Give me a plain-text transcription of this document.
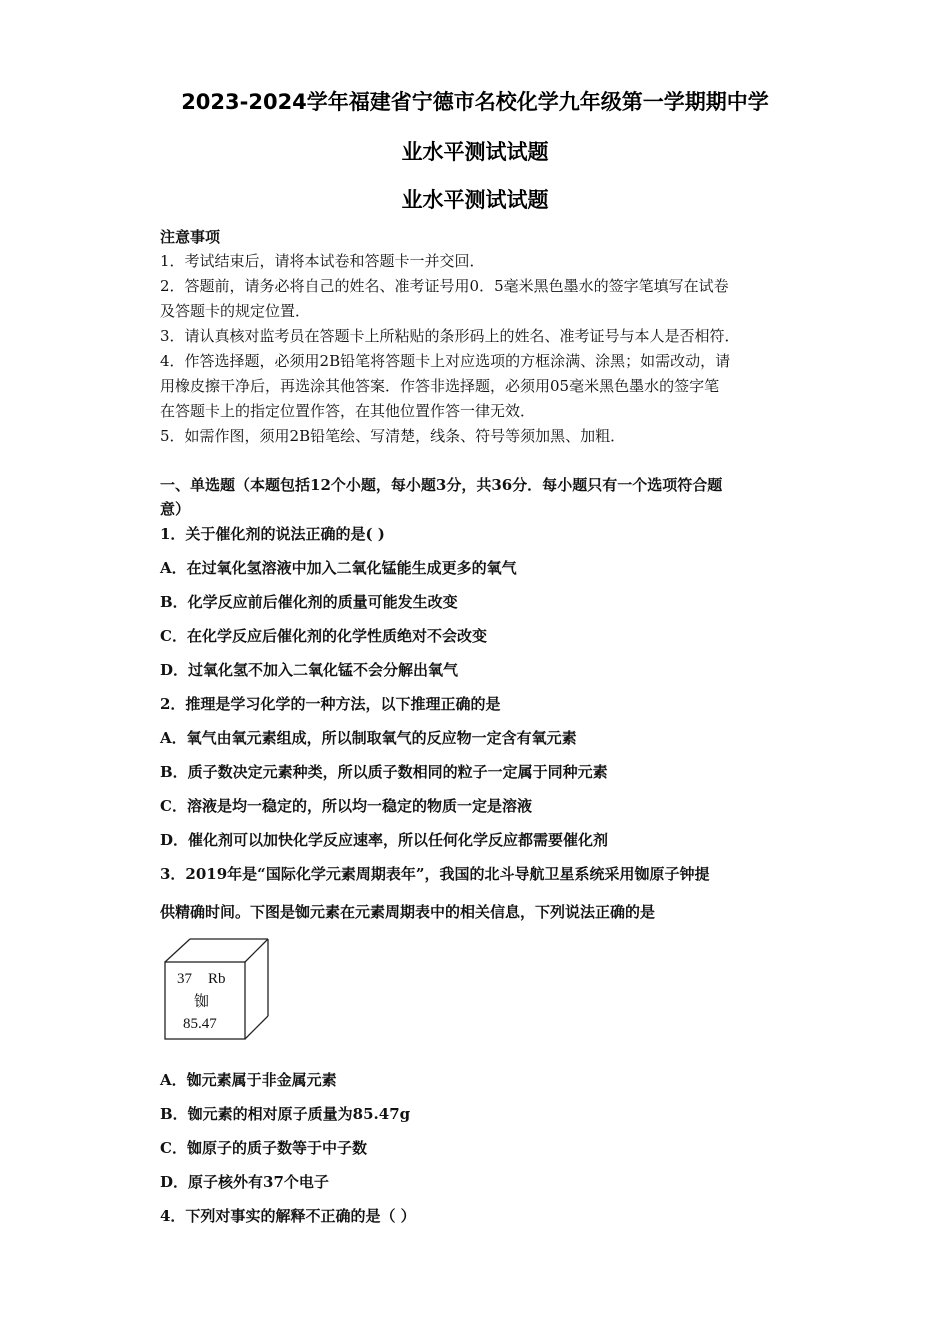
2023-2024学年福建省宁德市名校化学九年级第一学期期中学
业水平测试试题
业水平测试试题
注意事项
1．考试结束后，请将本试卷和答题卡一并交回．
2．答题前，请务必将自己的姓名、准考证号用0．5毫米黑色墨水的签字笔填写在试卷
及答题卡的规定位置．
3．请认真核对监考员在答题卡上所粘贴的条形码上的姓名、准考证号与本人是否相符．
4．作答选择题，必须用2B铅笔将答题卡上对应选项的方框涂满、涂黑；如需改动，请
用橡皮擦干净后，再选涂其他答案．作答非选择题，必须用05毫米黑色墨水的签字笔
在答题卡上的指定位置作答，在其他位置作答一律无效．
5．如需作图，须用2B铅笔绘、写清楚，线条、符号等须加黑、加粗．
一、单选题（本题包括12个小题，每小题3分，共36分．每小题只有一个选项符合题
意）
1．关于催化剂的说法正确的是( )
A．在过氧化氢溶液中加入二氧化锰能生成更多的氧气
B．化学反应前后催化剂的质量可能发生改变
C．在化学反应后催化剂的化学性质绝对不会改变
D．过氧化氢不加入二氧化锰不会分解出氧气
2．推理是学习化学的一种方法，以下推理正确的是
A．氧气由氧元素组成，所以制取氧气的反应物一定含有氧元素
B．质子数决定元素种类，所以质子数相同的粒子一定属于同种元素
C．溶液是均一稳定的，所以均一稳定的物质一定是溶液
D．催化剂可以加快化学反应速率，所以任何化学反应都需要催化剂
3．2019年是“国际化学元素周期表年”，我国的北斗导航卫星系统采用铷原子钟提
供精确时间。下图是铷元素在元素周期表中的相关信息，下列说法正确的是
37 Rb
铷
85.47
A．铷元素属于非金属元素
B．铷元素的相对原子质量为85.47g
C．铷原子的质子数等于中子数
D．原子核外有37个电子
4．下列对事实的解释不正确的是（ ）
